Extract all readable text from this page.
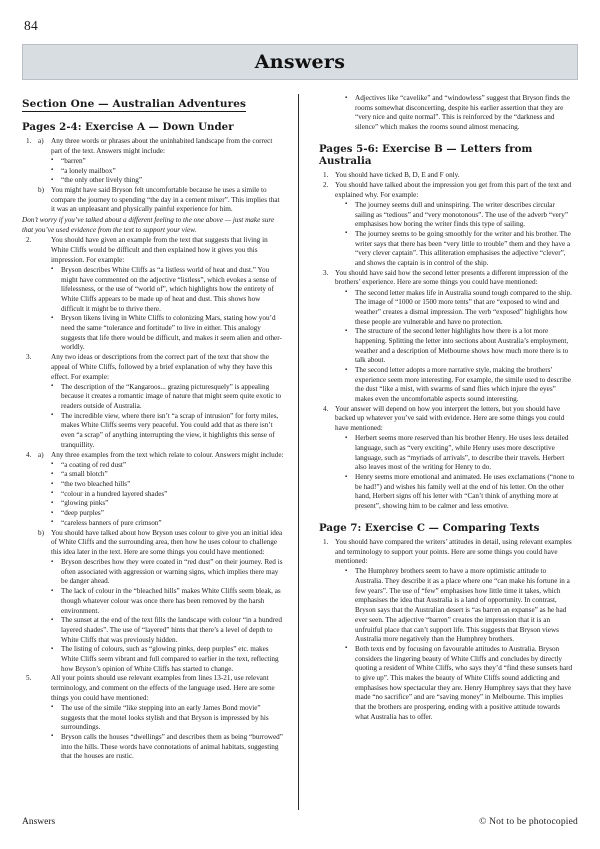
84
Answers
Section One — Australian Adventures
Pages 2-4: Exercise A — Down Under
1. a)	Any three words or phrases about the uninhabited landscape from the correct part of the text. Answers might include:
▪ “barren”
▪ “a lonely mailbox”
▪ “the only other lively thing”
b) You might have said Bryson felt uncomfortable because he uses a simile to compare the journey to spending “the day in a cement mixer”. This implies that it was an unpleasant and physically painful experience for him.
Don’t worry if you’ve talked about a different feeling to the one above — just make sure that you’ve used evidence from the text to support your view.
2.	You should have given an example from the text that suggests that living in White Cliffs would be difficult and then explained how it gives you this impression. For example:
▪ Bryson describes White Cliffs as “a listless world of heat and dust.” You might have commented on the adjective “listless”, which evokes a sense of lifelessness, or the use of “world of”, which highlights how the entirety of White Cliffs appears to be made up of heat and dust. This shows how difficult it might be to thrive there.
▪ Bryson likens living in White Cliffs to colonizing Mars, stating how you’d need the same “tolerance and fortitude” to live in either. This analogy suggests that life there would be difficult, and makes it seem alien and other-worldly.
3.	Any two ideas or descriptions from the correct part of the text that show the appeal of White Cliffs, followed by a brief explanation of why they have this effect. For example:
▪ The description of the “Kangaroos... grazing picturesquely” is appealing because it creates a romantic image of nature that might seem quite exotic to readers outside of Australia.
▪ The incredible view, where there isn’t “a scrap of intrusion” for forty miles, makes White Cliffs seems very peaceful. You could add that as there isn’t even “a scrap” of anything interrupting the view, it highlights this sense of tranquillity.
4. a)	Any three examples from the text which relate to colour. Answers might include:
▪ “a coating of red dust”
▪ “a small blotch”
▪ “the two bleached hills”
▪ “colour in a hundred layered shades”
▪ “glowing pinks”
▪ “deep purples”
▪ “careless banners of pure crimson”
b) You should have talked about how Bryson uses colour to give you an initial idea of White Cliffs and the surrounding area, then how he uses colour to challenge this idea later in the text. Here are some things you could have mentioned:
▪ Bryson describes how they were coated in “red dust” on their journey. Red is often associated with aggression or warning signs, which implies there may be danger ahead.
▪ The lack of colour in the “bleached hills” makes White Cliffs seem bleak, as though whatever colour was once there has been removed by the harsh environment.
▪ The sunset at the end of the text fills the landscape with colour “in a hundred layered shades”. The use of “layered” hints that there’s a level of depth to White Cliffs that was previously hidden.
▪ The listing of colours, such as “glowing pinks, deep purples” etc. makes White Cliffs seem vibrant and full compared to earlier in the text, reflecting how Bryson’s opinion of White Cliffs has started to change.
5.	All your points should use relevant examples from lines 13-21, use relevant terminology, and comment on the effects of the language used. Here are some things you could have mentioned:
▪ The use of the simile “like stepping into an early James Bond movie” suggests that the motel looks stylish and that Bryson is impressed by his surroundings.
▪ Bryson calls the houses “dwellings” and describes them as being “burrowed” into the hills. These words have connotations of animal habitats, suggesting that the houses are rustic.
▪ Adjectives like “cavelike” and “windowless” suggest that Bryson finds the rooms somewhat disconcerting, despite his earlier assertion that they are “very nice and quite normal”. This is reinforced by the “darkness and silence” which makes the rooms sound almost menacing.
Pages 5-6: Exercise B — Letters from Australia
1. You should have ticked B, D, E and F only.
2. You should have talked about the impression you get from this part of the text and explained why. For example:
▪ The journey seems dull and uninspiring. The writer describes circular sailing as “tedious” and “very monotonous”. The use of the adverb “very” emphasises how boring the writer finds this type of sailing.
▪ The journey seems to be going smoothly for the writer and his brother. The writer says that there has been “very little to trouble” them and they have a “very clever captain”. This alliteration emphasises the adjective “clever”, and shows the captain is in control of the ship.
3. You should have said how the second letter presents a different impression of the brothers’ experience. Here are some things you could have mentioned:
▪ The second letter makes life in Australia sound tough compared to the ship. The image of “1000 or 1500 more tents” that are “exposed to wind and weather” creates a dismal impression. The verb “exposed” highlights how these people are vulnerable and have no protection.
▪ The structure of the second letter highlights how there is a lot more happening. Splitting the letter into sections about Australia’s employment, weather and a description of Melbourne shows how much more there is to talk about.
▪ The second letter adopts a more narrative style, making the brothers’ experience seem more interesting. For example, the simile used to describe the dust “like a mist, with swarms of sand flies which injure the eyes” makes even the uncomfortable aspects sound interesting.
4. Your answer will depend on how you interpret the letters, but you should have backed up whatever you’ve said with evidence. Here are some things you could have mentioned:
▪ Herbert seems more reserved than his brother Henry. He uses less detailed language, such as “very exciting”, while Henry uses more descriptive language, such as “myriads of arrivals”, to describe their travels. Herbert also leaves most of the writing for Henry to do.
▪ Henry seems more emotional and animated. He uses exclamations (“none to be had!”) and wishes his family well at the end of his letter. On the other hand, Herbert signs off his letter with “Can’t think of anything more at present”, showing him to be calmer and less emotive.
Page 7: Exercise C — Comparing Texts
1. You should have compared the writers’ attitudes in detail, using relevant examples and terminology to support your points. Here are some things you could have mentioned:
▪ The Humphrey brothers seem to have a more optimistic attitude to Australia. They describe it as a place where one “can make his fortune in a few years”. The use of “few” emphasises how little time it takes, which emphasises the idea that Australia is a land of opportunity. In contrast, Bryson says that the Australian desert is “as barren an expanse” as he had ever seen. The adjective “barren” creates the impression that it is an unfruitful place that can’t support life. This suggests that Bryson views Australia more negatively than the Humphrey brothers.
▪ Both texts end by focusing on favourable attitudes to Australia. Bryson considers the lingering beauty of White Cliffs and concludes by directly quoting a resident of White Cliffs, who says they’d “find these sunsets hard to give up”. This makes the beauty of White Cliffs sound addicting and emphasises how spectacular they are. Henry Humphrey says that they have made “no sacrifice” and are “saving money” in Melbourne. This implies that the brothers are prospering, ending with a positive attitude towards what Australia has to offer.
Answers	© Not to be photocopied
